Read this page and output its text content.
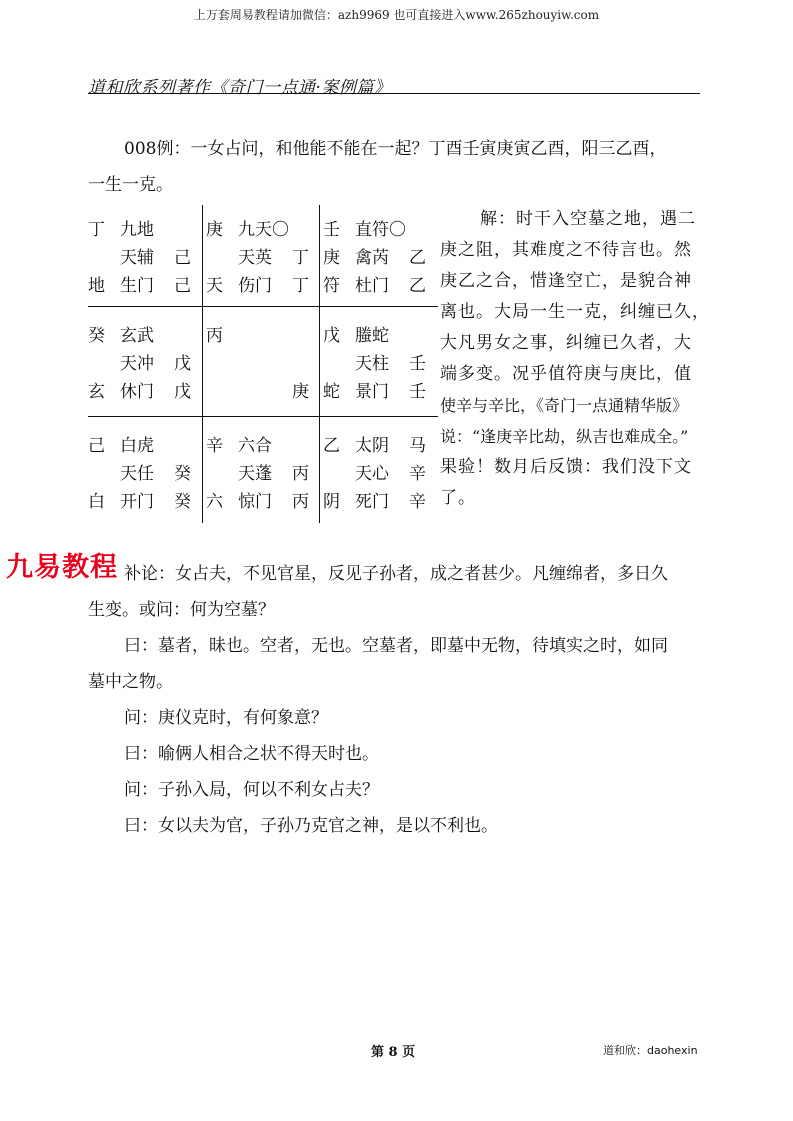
上万套周易教程请加微信：azh9969 也可直接进入www.265zhouyiw.com
道和欣系列著作《奇门一点通·案例篇》
008例：一女占问，和他能不能在一起？丁酉壬寅庚寅乙酉，阳三乙酉，
一生一克。
丁 九地
天辅 己
地 生门 己
庚 九天〇
天英 丁
天 伤门 丁
壬 直符〇
庚 禽芮 乙
符 杜门 乙
癸 玄武
天冲 戊
玄 休门 戊
丙
庚
戊 螣蛇
天柱 壬
蛇 景门 壬
己 白虎
天任 癸
白 开门 癸
辛 六合
天蓬 丙
六 惊门 丙
乙 太阴 马
天心 辛
阴 死门 辛
解：时干入空墓之地，遇二
庚之阻，其难度之不待言也。然
庚乙之合，惜逢空亡，是貌合神
离也。大局一生一克，纠缠已久，
大凡男女之事，纠缠已久者，大
端多变。况乎值符庚与庚比，值
使辛与辛比，《奇门一点通精华版》
说：“逢庚辛比劫，纵吉也难成全。”
果验！数月后反馈：我们没下文
了。
九易教程 补论：女占夫，不见官星，反见子孙者，成之者甚少。凡缠绵者，多日久
生变。或问：何为空墓？
曰：墓者，昧也。空者，无也。空墓者，即墓中无物，待填实之时，如同
墓中之物。
问：庚仪克时，有何象意？
曰：喻俩人相合之状不得天时也。
问：子孙入局，何以不利女占夫？
曰：女以夫为官，子孙乃克官之神，是以不利也。
第 8 页	道和欣：daohexin
